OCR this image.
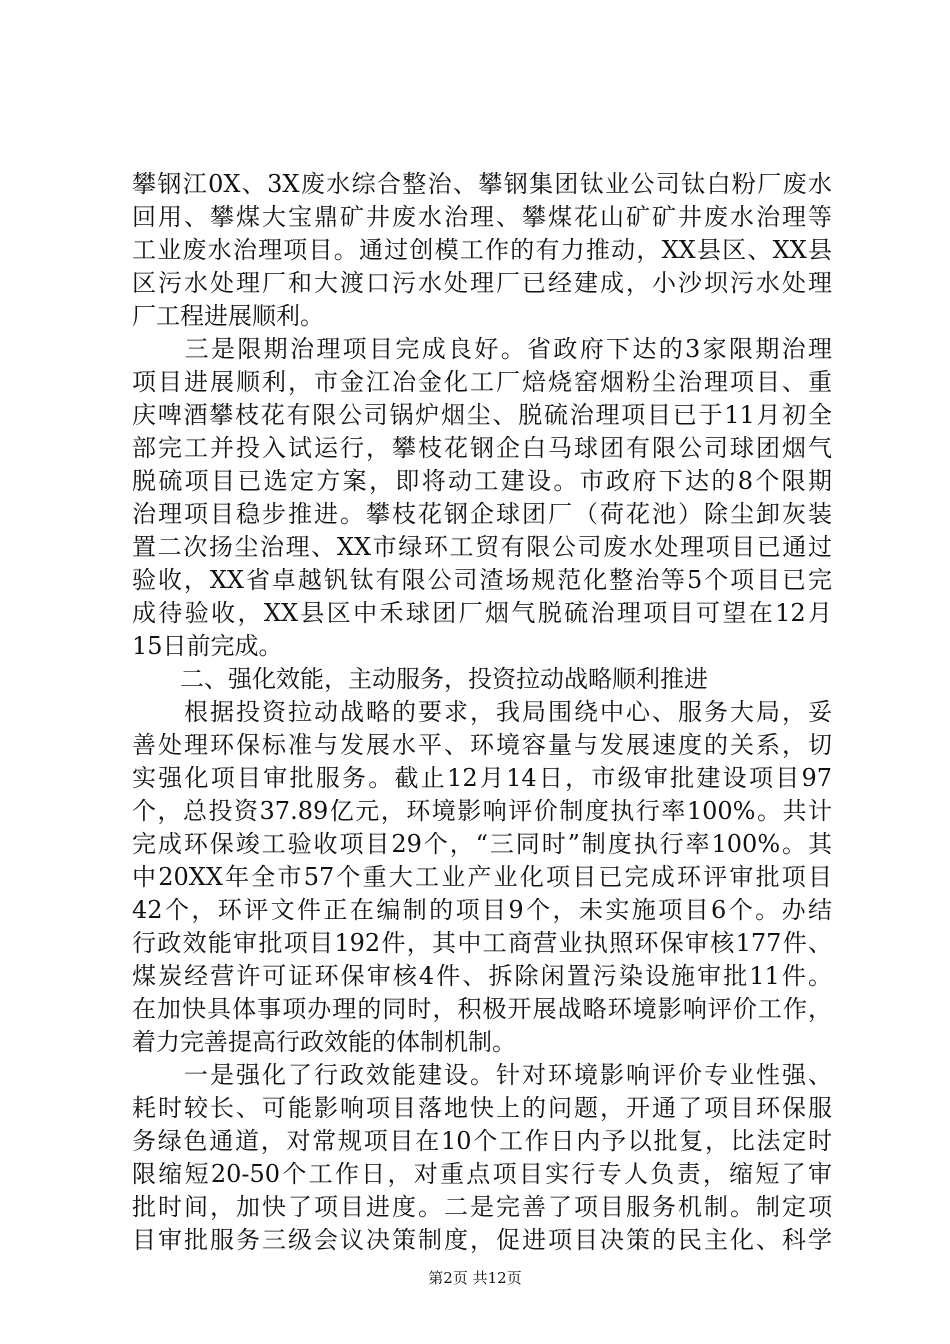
攀钢江0X、3X废水综合整治、攀钢集团钛业公司钛白粉厂废水
回用、攀煤大宝鼎矿井废水治理、攀煤花山矿矿井废水治理等
工业废水治理项目。通过创模工作的有力推动，XX县区、XX县
区污水处理厂和大渡口污水处理厂已经建成，小沙坝污水处理
厂工程进展顺利。
　　三是限期治理项目完成良好。省政府下达的3家限期治理
项目进展顺利，市金江冶金化工厂焙烧窑烟粉尘治理项目、重
庆啤酒攀枝花有限公司锅炉烟尘、脱硫治理项目已于11月初全
部完工并投入试运行，攀枝花钢企白马球团有限公司球团烟气
脱硫项目已选定方案，即将动工建设。市政府下达的8个限期
治理项目稳步推进。攀枝花钢企球团厂（荷花池）除尘卸灰装
置二次扬尘治理、XX市绿环工贸有限公司废水处理项目已通过
验收，XX省卓越钒钛有限公司渣场规范化整治等5个项目已完
成待验收，XX县区中禾球团厂烟气脱硫治理项目可望在12月
15日前完成。
　　二、强化效能，主动服务，投资拉动战略顺利推进
　　根据投资拉动战略的要求，我局围绕中心、服务大局，妥
善处理环保标准与发展水平、环境容量与发展速度的关系，切
实强化项目审批服务。截止12月14日，市级审批建设项目97
个，总投资37.89亿元，环境影响评价制度执行率100%。共计
完成环保竣工验收项目29个，“三同时”制度执行率100%。其
中20XX年全市57个重大工业产业化项目已完成环评审批项目
42个，环评文件正在编制的项目9个，未实施项目6个。办结
行政效能审批项目192件，其中工商营业执照环保审核177件、
煤炭经营许可证环保审核4件、拆除闲置污染设施审批11件。
在加快具体事项办理的同时，积极开展战略环境影响评价工作，
着力完善提高行政效能的体制机制。
　　一是强化了行政效能建设。针对环境影响评价专业性强、
耗时较长、可能影响项目落地快上的问题，开通了项目环保服
务绿色通道，对常规项目在10个工作日内予以批复，比法定时
限缩短20-50个工作日，对重点项目实行专人负责，缩短了审
批时间，加快了项目进度。二是完善了项目服务机制。制定项
目审批服务三级会议决策制度，促进项目决策的民主化、科学
第2页 共12页
